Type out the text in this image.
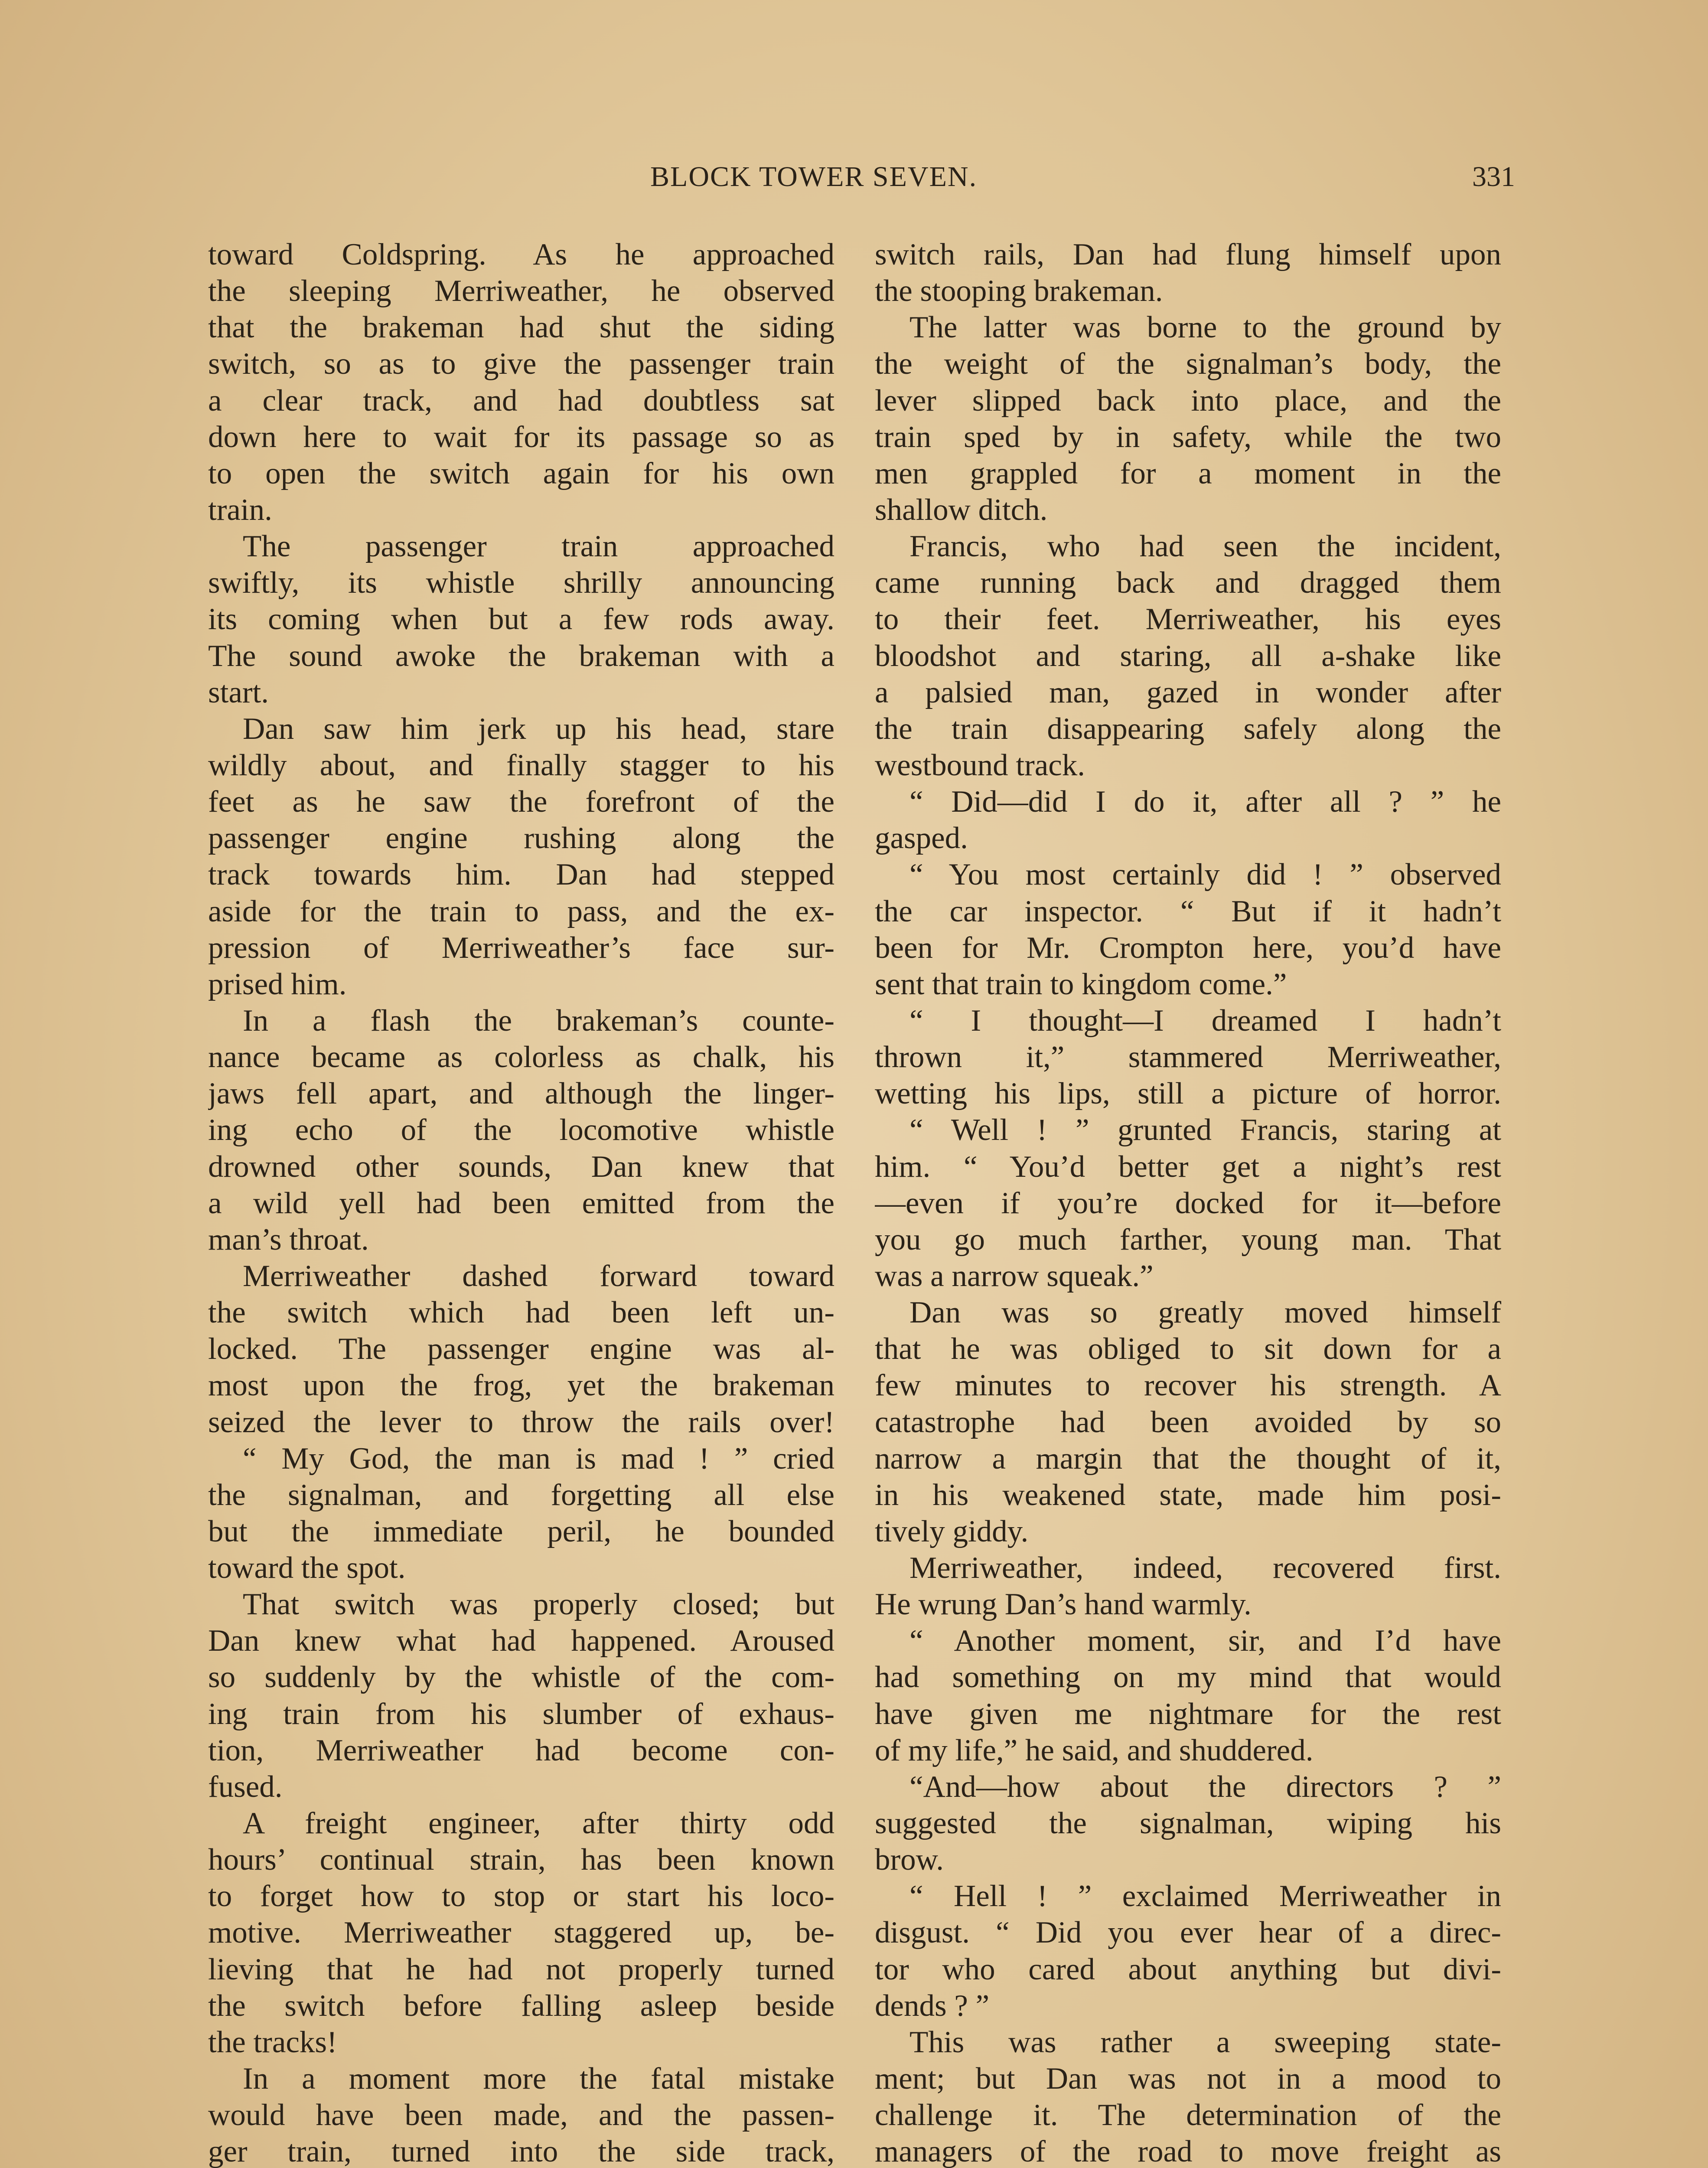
BLOCK TOWER SEVEN.	331
toward Coldspring. As he approached
the sleeping Merriweather, he observed
that the brakeman had shut the siding
switch, so as to give the passenger train
a clear track, and had doubtless sat
down here to wait for its passage so as
to open the switch again for his own
train.
The passenger train approached
swiftly, its whistle shrilly announcing
its coming when but a few rods away.
The sound awoke the brakeman with a
start.
Dan saw him jerk up his head, stare
wildly about, and finally stagger to his
feet as he saw the forefront of the
passenger engine rushing along the
track towards him. Dan had stepped
aside for the train to pass, and the ex-
pression of Merriweather’s face sur-
prised him.
In a flash the brakeman’s counte-
nance became as colorless as chalk, his
jaws fell apart, and although the linger-
ing echo of the locomotive whistle
drowned other sounds, Dan knew that
a wild yell had been emitted from the
man’s throat.
Merriweather dashed forward toward
the switch which had been left un-
locked. The passenger engine was al-
most upon the frog, yet the brakeman
seized the lever to throw the rails over!
“ My God, the man is mad ! ” cried
the signalman, and forgetting all else
but the immediate peril, he bounded
toward the spot.
That switch was properly closed; but
Dan knew what had happened. Aroused
so suddenly by the whistle of the com-
ing train from his slumber of exhaus-
tion, Merriweather had become con-
fused.
A freight engineer, after thirty odd
hours’ continual strain, has been known
to forget how to stop or start his loco-
motive. Merriweather staggered up, be-
lieving that he had not properly turned
the switch before falling asleep beside
the tracks!
In a moment more the fatal mistake
would have been made, and the passen-
ger train, turned into the side track,
switch rails, Dan had flung himself upon
the stooping brakeman.
The latter was borne to the ground by
the weight of the signalman’s body, the
lever slipped back into place, and the
train sped by in safety, while the two
men grappled for a moment in the
shallow ditch.
Francis, who had seen the incident,
came running back and dragged them
to their feet. Merriweather, his eyes
bloodshot and staring, all a-shake like
a palsied man, gazed in wonder after
the train disappearing safely along the
westbound track.
“ Did—did I do it, after all ? ” he
gasped.
“ You most certainly did ! ” observed
the car inspector. “ But if it hadn’t
been for Mr. Crompton here, you’d have
sent that train to kingdom come.”
“ I thought—I dreamed I hadn’t
thrown it,” stammered Merriweather,
wetting his lips, still a picture of horror.
“ Well ! ” grunted Francis, staring at
him. “ You’d better get a night’s rest
—even if you’re docked for it—before
you go much farther, young man. That
was a narrow squeak.”
Dan was so greatly moved himself
that he was obliged to sit down for a
few minutes to recover his strength. A
catastrophe had been avoided by so
narrow a margin that the thought of it,
in his weakened state, made him posi-
tively giddy.
Merriweather, indeed, recovered first.
He wrung Dan’s hand warmly.
“ Another moment, sir, and I’d have
had something on my mind that would
have given me nightmare for the rest
of my life,” he said, and shuddered.
“And—how about the directors ? ”
suggested the signalman, wiping his
brow.
“ Hell ! ” exclaimed Merriweather in
disgust. “ Did you ever hear of a direc-
tor who cared about anything but divi-
dends ? ”
This was rather a sweeping state-
ment; but Dan was not in a mood to
challenge it. The determination of the
managers of the road to move freight as
